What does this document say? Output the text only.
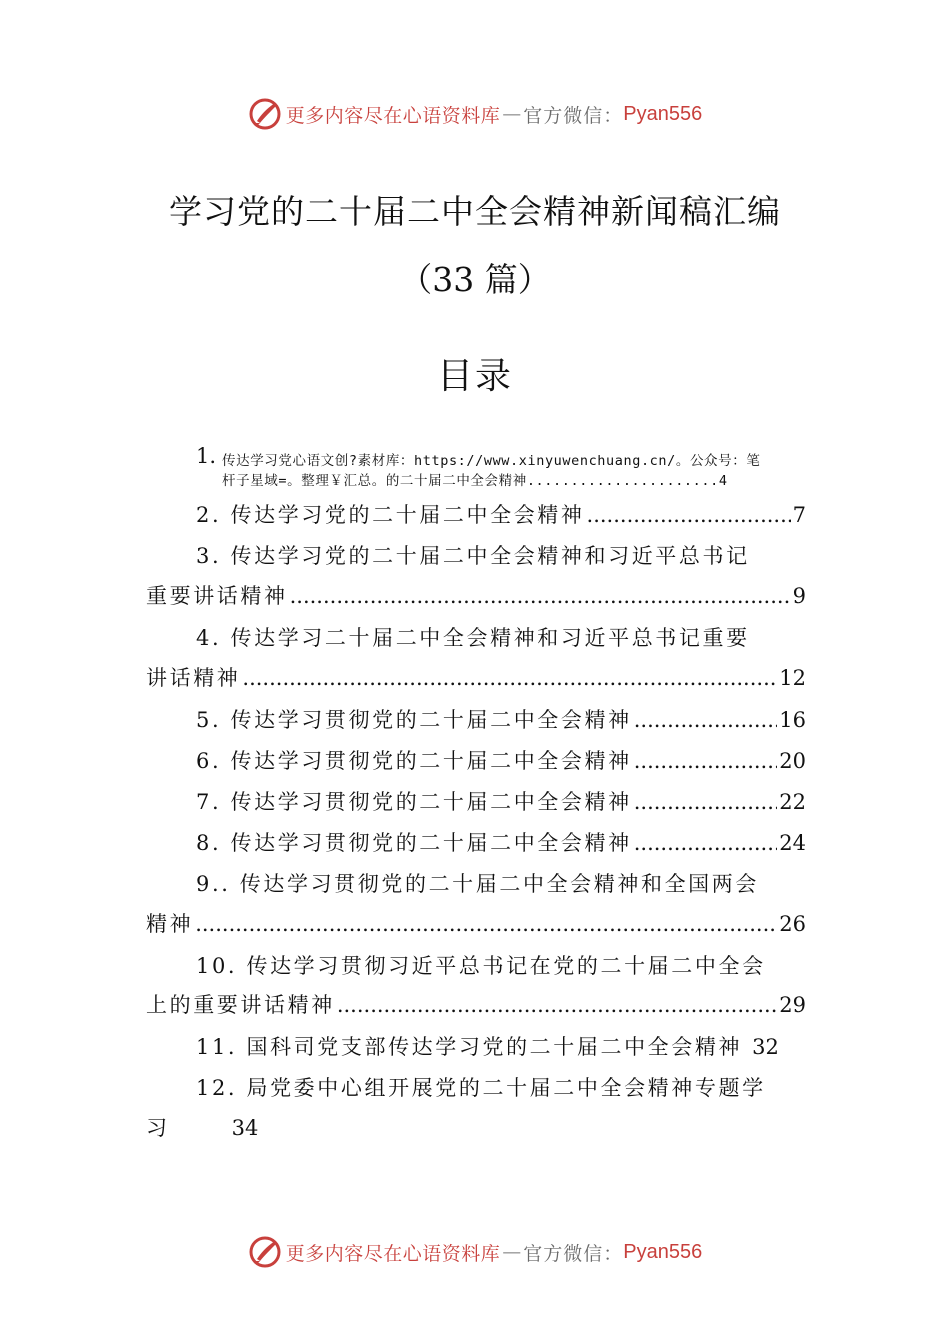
更多内容尽在心语资料库 — 官方微信： Pyan556
学习党的二十届二中全会精神新闻稿汇编
（33 篇）
目录
1. 传达学习党心语文创?素材库：https://www.xinyuwenchuang.cn/。公众号：笔
杆子星域=。整理￥汇总。的二十届二中全会精神......................4
2. 传达学习党的二十届二中全会精神 .....	7
3. 传达学习党的二十届二中全会精神和习近平总书记
重要讲话精神 .....	9
4. 传达学习二十届二中全会精神和习近平总书记重要
讲话精神 .....	12
5. 传达学习贯彻党的二十届二中全会精神 .....	16
6. 传达学习贯彻党的二十届二中全会精神 .....	20
7. 传达学习贯彻党的二十届二中全会精神 .....	22
8. 传达学习贯彻党的二十届二中全会精神 .....	24
9.. 传达学习贯彻党的二十届二中全会精神和全国两会
精神 .....	26
10. 传达学习贯彻习近平总书记在党的二十届二中全会
上的重要讲话精神 .....	29
11. 国科司党支部传达学习党的二十届二中全会精神 32
12. 局党委中心组开展党的二十届二中全会精神专题学
习	34
更多内容尽在心语资料库 — 官方微信： Pyan556
